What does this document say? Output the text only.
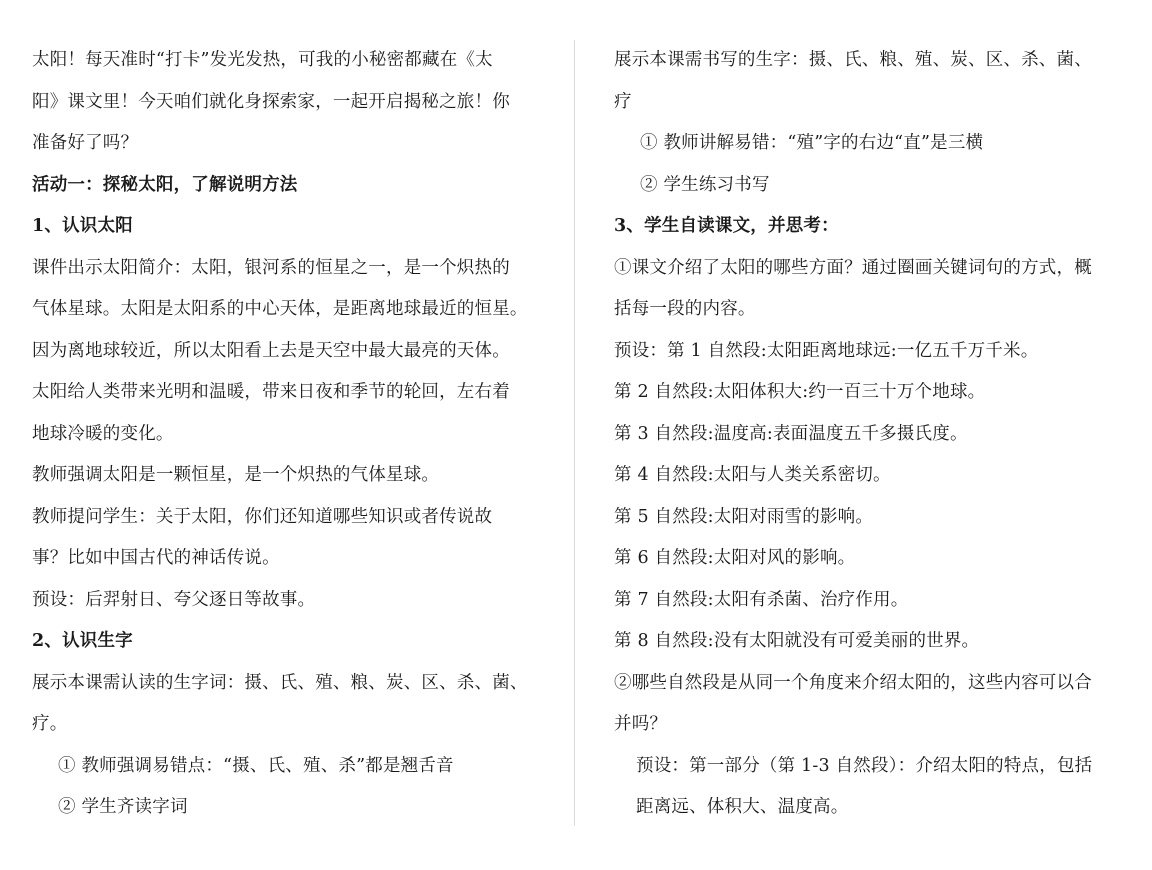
太阳！每天准时“打卡”发光发热，可我的小秘密都藏在《太
阳》课文里！今天咱们就化身探索家，一起开启揭秘之旅！你
准备好了吗？
活动一：探秘太阳，了解说明方法
1、认识太阳
课件出示太阳简介：太阳，银河系的恒星之一，是一个炽热的
气体星球。太阳是太阳系的中心天体，是距离地球最近的恒星。
因为离地球较近，所以太阳看上去是天空中最大最亮的天体。
太阳给人类带来光明和温暖，带来日夜和季节的轮回，左右着
地球冷暖的变化。
教师强调太阳是一颗恒星，是一个炽热的气体星球。
教师提问学生：关于太阳，你们还知道哪些知识或者传说故
事？比如中国古代的神话传说。
预设：后羿射日、夸父逐日等故事。
2、认识生字
展示本课需认读的生字词：摄、氏、殖、粮、炭、区、杀、菌、
疗。
① 教师强调易错点：“摄、氏、殖、杀”都是翘舌音
② 学生齐读字词
展示本课需书写的生字：摄、氏、粮、殖、炭、区、杀、菌、
疗
① 教师讲解易错：“殖”字的右边“直”是三横
② 学生练习书写
3、学生自读课文，并思考：
①课文介绍了太阳的哪些方面？通过圈画关键词句的方式，概
括每一段的内容。
预设：第 1 自然段:太阳距离地球远:一亿五千万千米。
第 2 自然段:太阳体积大:约一百三十万个地球。
第 3 自然段:温度高:表面温度五千多摄氏度。
第 4 自然段:太阳与人类关系密切。
第 5 自然段:太阳对雨雪的影响。
第 6 自然段:太阳对风的影响。
第 7 自然段:太阳有杀菌、治疗作用。
第 8 自然段:没有太阳就没有可爱美丽的世界。
②哪些自然段是从同一个角度来介绍太阳的，这些内容可以合
并吗？
预设：第一部分（第 1-3 自然段）：介绍太阳的特点，包括
距离远、体积大、温度高。
